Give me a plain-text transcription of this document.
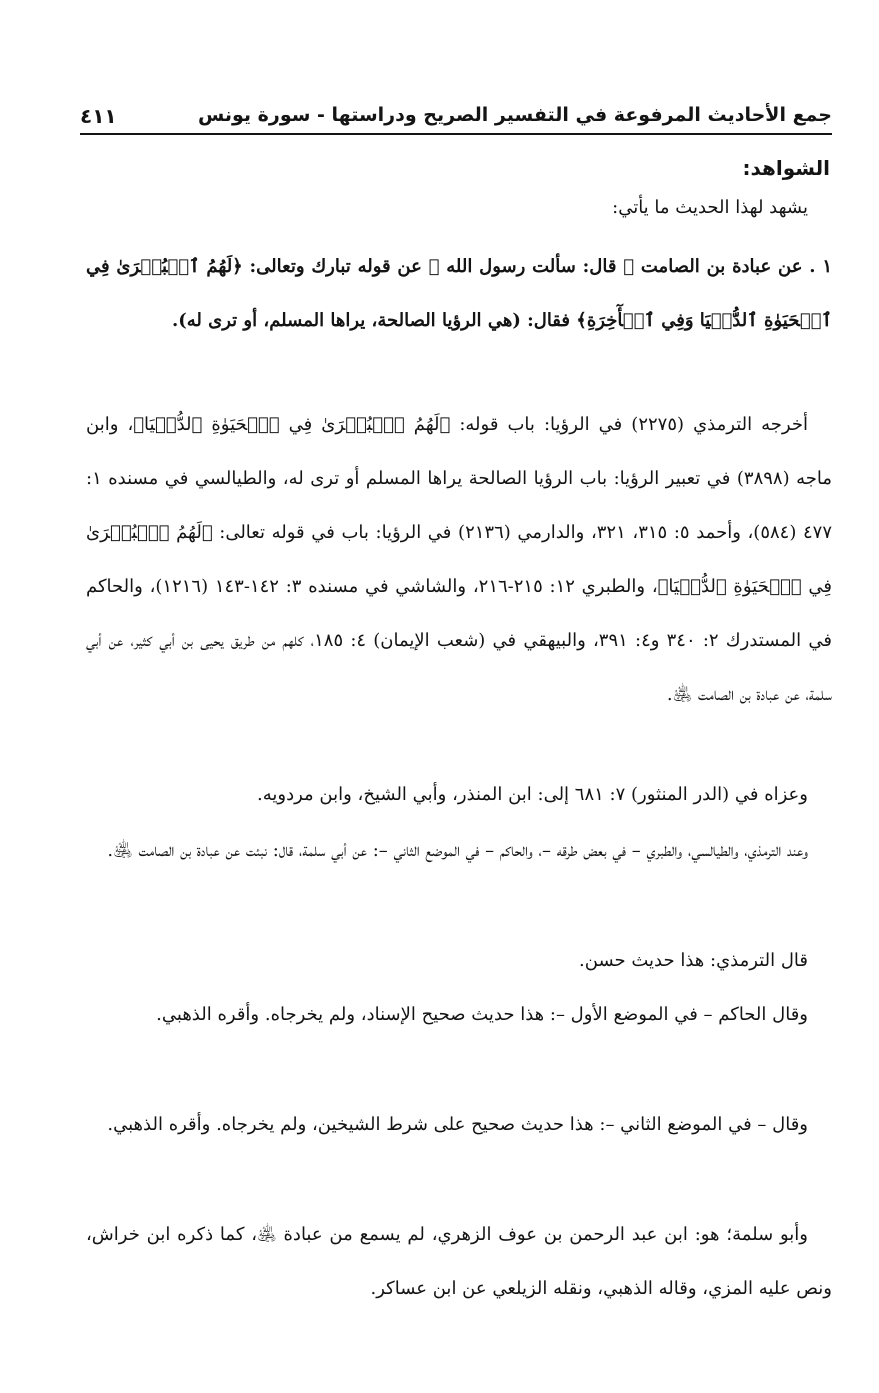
جمع الأحاديث المرفوعة في التفسير الصريح ودراستها - سورة يونس
٤١١

الشواهد:

يشهد لهذا الحديث ما يأتي:

١ . عن عبادة بن الصامت ﵁ قال: سألت رسول الله ﷺ عن قوله تبارك وتعالى: ﴿لَهُمُ ٱلۡبُشۡرَىٰ فِي ٱلۡحَيَوٰةِ ٱلدُّنۡيَا وَفِي ٱلۡأٓخِرَةِ﴾ فقال: (هي الرؤيا الصالحة، يراها المسلم، أو ترى له).

أخرجه الترمذي (٢٢٧٥) في الرؤيا: باب قوله: ﴿لَهُمُ ٱلۡبُشۡرَىٰ فِي ٱلۡحَيَوٰةِ ٱلدُّنۡيَا﴾، وابن ماجه (٣٨٩٨) في تعبير الرؤيا: باب الرؤيا الصالحة يراها المسلم أو ترى له، والطيالسي في مسنده ١: ٤٧٧ (٥٨٤)، وأحمد ٥: ٣١٥، ٣٢١، والدارمي (٢١٣٦) في الرؤيا: باب في قوله تعالى: ﴿لَهُمُ ٱلۡبُشۡرَىٰ فِي ٱلۡحَيَوٰةِ ٱلدُّنۡيَا﴾، والطبري ١٢: ٢١٥-٢١٦، والشاشي في مسنده ٣: ١٤٢-١٤٣ (١٢١٦)، والحاكم في المستدرك ٢: ٣٤٠ و٤: ٣٩١، والبيهقي في (شعب الإيمان) ٤: ١٨٥، كلهم من طريق يحيى بن أبي كثير، عن أبي سلمة، عن عبادة بن الصامت ﵁.

وعزاه في (الدر المنثور) ٧: ٦٨١ إلى: ابن المنذر، وأبي الشيخ، وابن مردويه.

وعند الترمذي، والطيالسي، والطبري – في بعض طرقه –، والحاكم – في الموضع الثاني –: عن أبي سلمة، قال: نبئت عن عبادة بن الصامت ﵁.

قال الترمذي: هذا حديث حسن.

وقال الحاكم – في الموضع الأول –: هذا حديث صحيح الإسناد، ولم يخرجاه. وأقره الذهبي.

وقال – في الموضع الثاني –: هذا حديث صحيح على شرط الشيخين، ولم يخرجاه. وأقره الذهبي.

وأبو سلمة؛ هو: ابن عبد الرحمن بن عوف الزهري، لم يسمع من عبادة ﵁، كما ذكره ابن خراش، ونص عليه المزي، وقاله الذهبي، ونقله الزيلعي عن ابن عساكر.
